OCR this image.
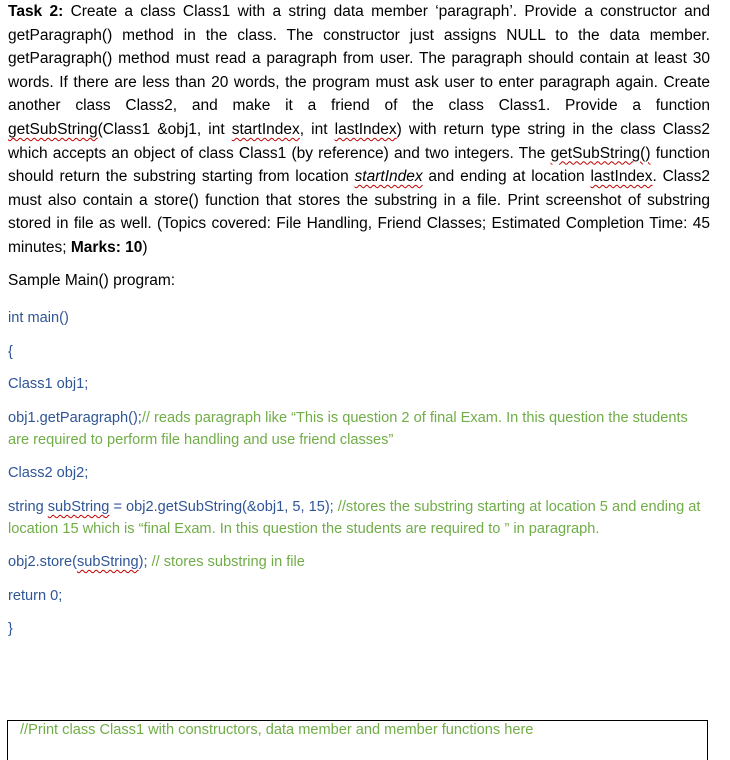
Task 2: Create a class Class1 with a string data member ‘paragraph’. Provide a constructor and getParagraph() method in the class. The constructor just assigns NULL to the data member. getParagraph() method must read a paragraph from user. The paragraph should contain at least 30 words. If there are less than 20 words, the program must ask user to enter paragraph again. Create another class Class2, and make it a friend of the class Class1. Provide a function getSubString(Class1 &obj1, int startIndex, int lastIndex) with return type string in the class Class2 which accepts an object of class Class1 (by reference) and two integers. The getSubString() function should return the substring starting from location startIndex and ending at location lastIndex. Class2 must also contain a store() function that stores the substring in a file. Print screenshot of substring stored in file as well. (Topics covered: File Handling, Friend Classes; Estimated Completion Time: 45 minutes; Marks: 10)
Sample Main() program:
int main()
{
Class1 obj1;
obj1.getParagraph();// reads paragraph like “This is question 2 of final Exam. In this question the students are required to perform file handling and use friend classes”
Class2 obj2;
string subString = obj2.getSubString(&obj1, 5, 15); //stores the substring starting at location 5 and ending at location 15 which is “final Exam. In this question the students are required to ” in paragraph.
obj2.store(subString); // stores substring in file
return 0;
}
//Print class Class1 with constructors, data member and member functions here
